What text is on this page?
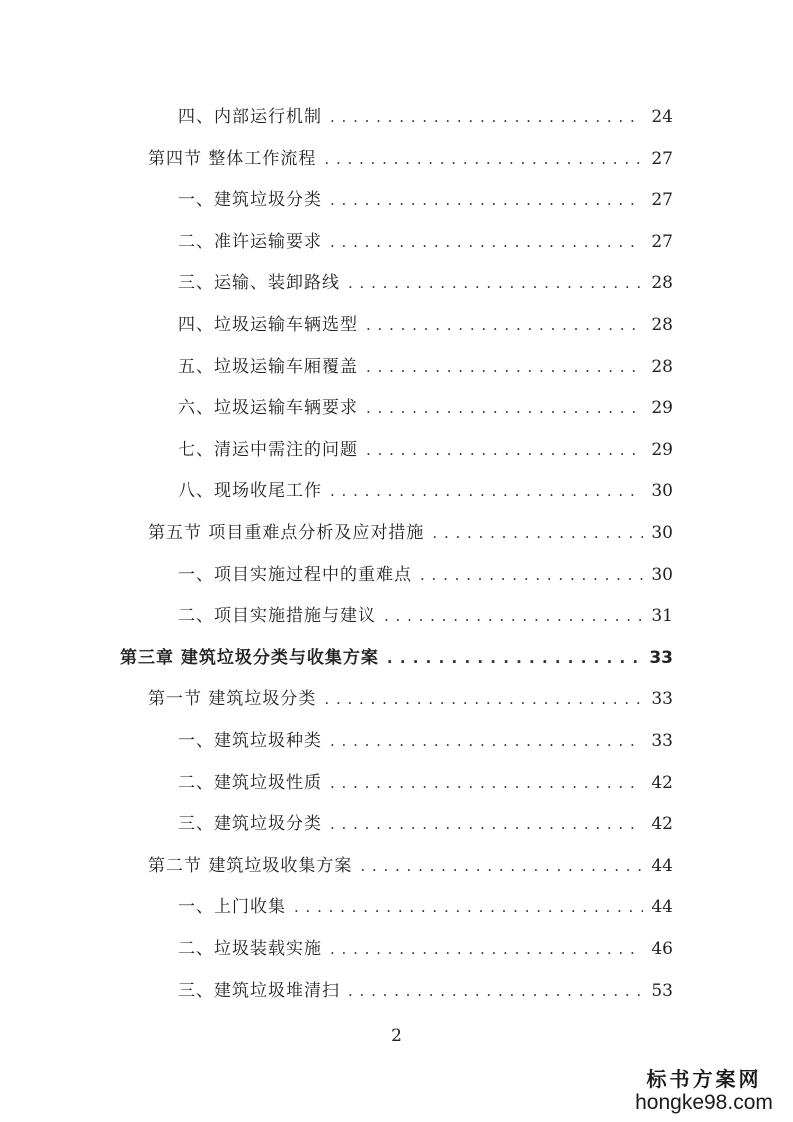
四、内部运行机制 . . .	24
第四节 整体工作流程 . . .	27
一、建筑垃圾分类 . . .	27
二、准许运输要求 . . .	27
三、运输、装卸路线 . . .	28
四、垃圾运输车辆选型 . . .	28
五、垃圾运输车厢覆盖 . . .	28
六、垃圾运输车辆要求 . . .	29
七、清运中需注的问题 . . .	29
八、现场收尾工作 . . .	30
第五节 项目重难点分析及应对措施 . . .	30
一、项目实施过程中的重难点 . . .	30
二、项目实施措施与建议 . . .	31
第三章 建筑垃圾分类与收集方案 . . .	33
第一节 建筑垃圾分类 . . .	33
一、建筑垃圾种类 . . .	33
二、建筑垃圾性质 . . .	42
三、建筑垃圾分类 . . .	42
第二节 建筑垃圾收集方案 . . .	44
一、上门收集 . . .	44
二、垃圾装载实施 . . .	46
三、建筑垃圾堆清扫 . . .	53
2
标书方案网
hongke98.com
